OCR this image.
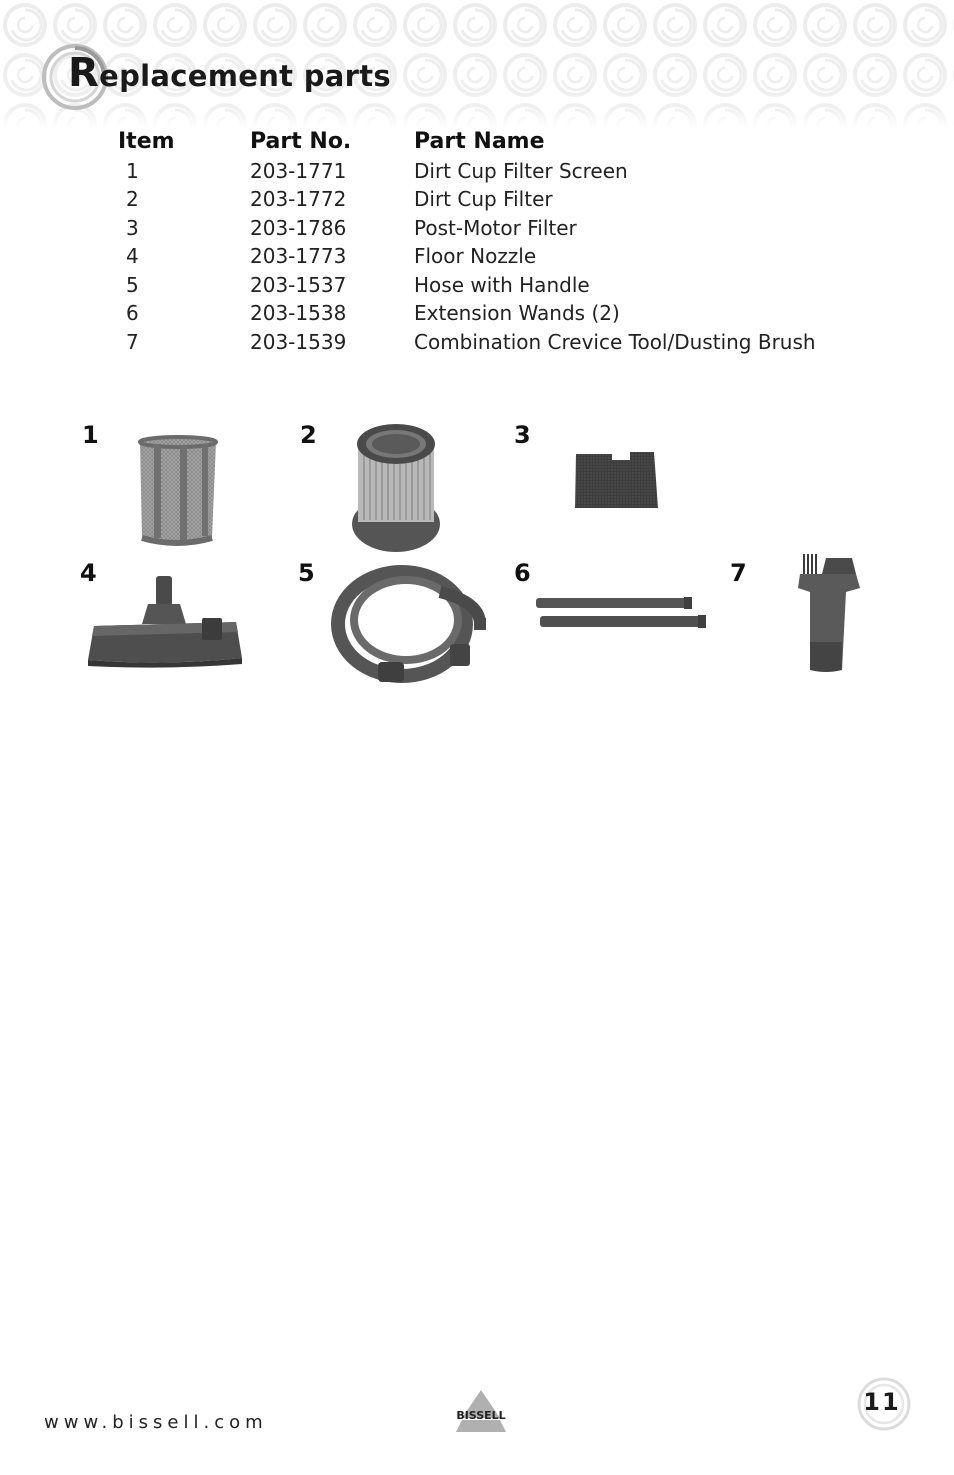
Replacement parts
Item	Part No.	Part Name
1	203-1771	Dirt Cup Filter Screen
2	203-1772	Dirt Cup Filter
3	203-1786	Post-Motor Filter
4	203-1773	Floor Nozzle
5	203-1537	Hose with Handle
6	203-1538	Extension Wands (2)
7	203-1539	Combination Crevice Tool/Dusting Brush
1	2	3
4	5	6	7
www.bissell.com	BISSELL	11
